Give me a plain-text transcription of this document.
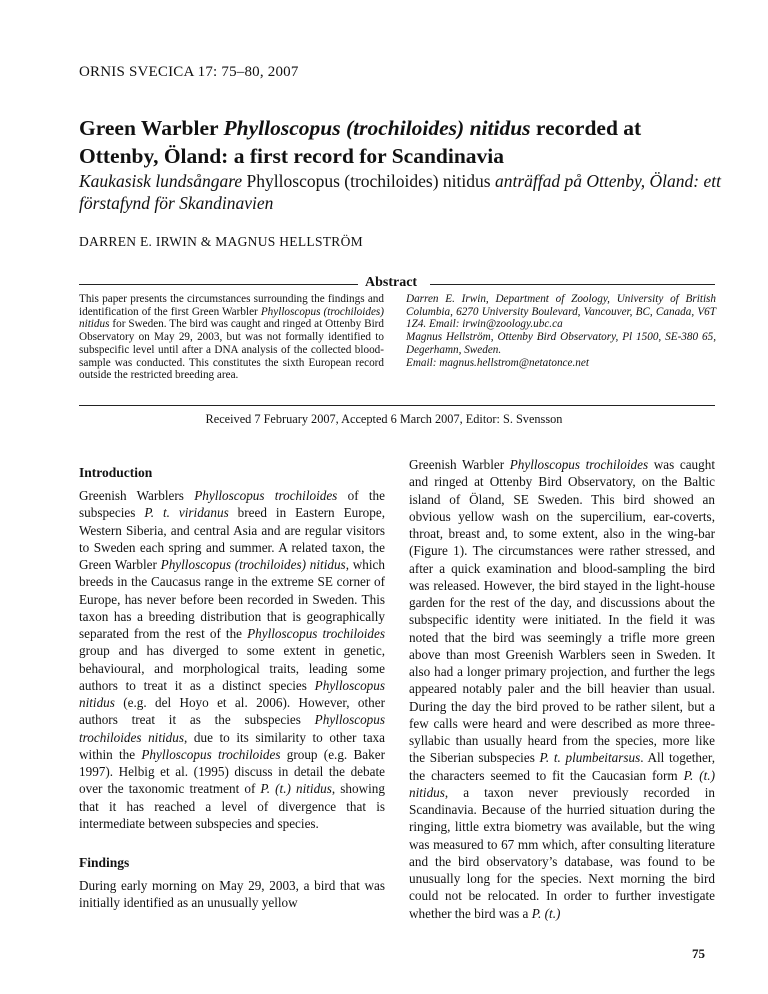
ORNIS SVECICA 17: 75–80, 2007
Green Warbler Phylloscopus (trochiloides) nitidus recorded at Ottenby, Öland: a first record for Scandinavia

Kaukasisk lundsångare Phylloscopus (trochiloides) nitidus anträffad på Ottenby, Öland: ett förstafynd för Skandinavien

DARREN E. IRWIN & MAGNUS HELLSTRÖM
Abstract

This paper presents the circumstances surrounding the findings and identification of the first Green Warbler Phylloscopus (trochiloides) nitidus for Sweden. The bird was caught and ringed at Ottenby Bird Observatory on May 29, 2003, but was not formally identified to subspecific level until after a DNA analysis of the collected blood-sample was conducted. This constitutes the sixth European record outside the restricted breeding area.

Darren E. Irwin, Department of Zoology, University of British Columbia, 6270 University Boulevard, Vancouver, BC, Canada, V6T 1Z4. Email: irwin@zoology.ubc.ca
Magnus Hellström, Ottenby Bird Observatory, Pl 1500, SE-380 65, Degerhamn, Sweden.
Email: magnus.hellstrom@netatonce.net
Received 7 February 2007, Accepted 6 March 2007, Editor: S. Svensson
Introduction

Greenish Warblers Phylloscopus trochiloides of the subspecies P. t. viridanus breed in Eastern Europe, Western Siberia, and central Asia and are regular visitors to Sweden each spring and summer. A related taxon, the Green Warbler Phylloscopus (trochiloides) nitidus, which breeds in the Caucasus range in the extreme SE corner of Europe, has never before been recorded in Sweden. This taxon has a breeding distribution that is geographically separated from the rest of the Phylloscopus trochiloides group and has diverged to some extent in genetic, behavioural, and morphological traits, leading some authors to treat it as a distinct species Phylloscopus nitidus (e.g. del Hoyo et al. 2006). However, other authors treat it as the subspecies Phylloscopus trochiloides nitidus, due to its similarity to other taxa within the Phylloscopus trochiloides group (e.g. Baker 1997). Helbig et al. (1995) discuss in detail the debate over the taxonomic treatment of P. (t.) nitidus, showing that it has reached a level of divergence that is intermediate between subspecies and species.

Findings

During early morning on May 29, 2003, a bird that was initially identified as an unusually yellow

Greenish Warbler Phylloscopus trochiloides was caught and ringed at Ottenby Bird Observatory, on the Baltic island of Öland, SE Sweden. This bird showed an obvious yellow wash on the supercilium, ear-coverts, throat, breast and, to some extent, also in the wing-bar (Figure 1). The circumstances were rather stressed, and after a quick examination and blood-sampling the bird was released. However, the bird stayed in the light-house garden for the rest of the day, and discussions about the subspecific identity were initiated. In the field it was noted that the bird was seemingly a trifle more green above than most Greenish Warblers seen in Sweden. It also had a longer primary projection, and further the legs appeared notably paler and the bill heavier than usual. During the day the bird proved to be rather silent, but a few calls were heard and were described as more three-syllabic than usually heard from the species, more like the Siberian subspecies P. t. plumbeitarsus. All together, the characters seemed to fit the Caucasian form P. (t.) nitidus, a taxon never previously recorded in Scandinavia. Because of the hurried situation during the ringing, little extra biometry was available, but the wing was measured to 67 mm which, after consulting literature and the bird observatory’s database, was found to be unusually long for the species. Next morning the bird could not be relocated. In order to further investigate whether the bird was a P. (t.)

75
